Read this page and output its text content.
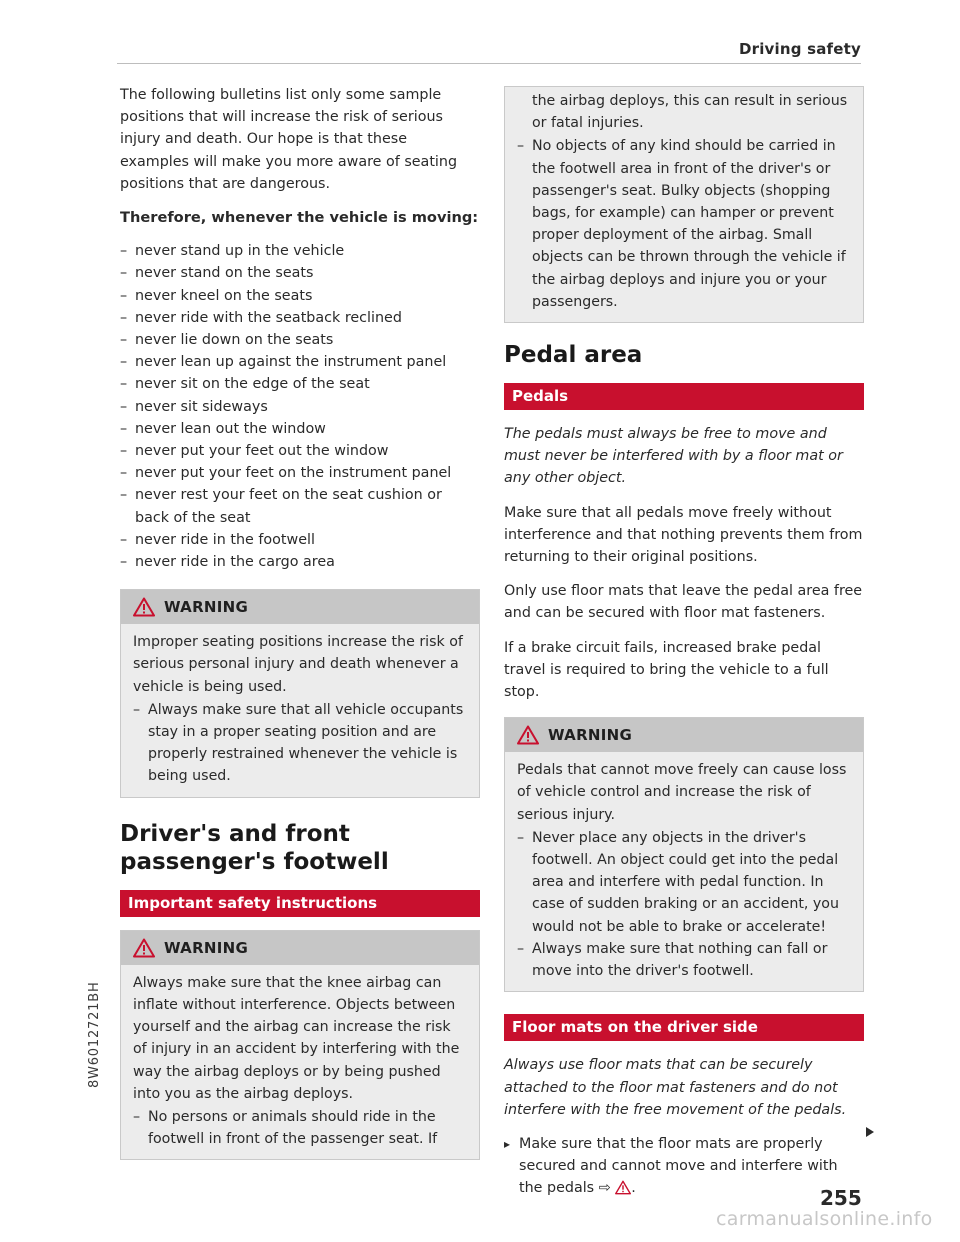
Driving safety

The following bulletins list only some sample positions that will increase the risk of serious injury and death. Our hope is that these examples will make you more aware of seating positions that are dangerous.

Therefore, whenever the vehicle is moving:
– never stand up in the vehicle
– never stand on the seats
– never kneel on the seats
– never ride with the seatback reclined
– never lie down on the seats
– never lean up against the instrument panel
– never sit on the edge of the seat
– never sit sideways
– never lean out the window
– never put your feet out the window
– never put your feet on the instrument panel
– never rest your feet on the seat cushion or back of the seat
– never ride in the footwell
– never ride in the cargo area
WARNING

Improper seating positions increase the risk of serious personal injury and death whenever a vehicle is being used.

– Always make sure that all vehicle occupants stay in a proper seating position and are properly restrained whenever the vehicle is being used.
Driver's and front passenger's footwell
Important safety instructions
WARNING

Always make sure that the knee airbag can inflate without interference. Objects between yourself and the airbag can increase the risk of injury in an accident by interfering with the way the airbag deploys or by being pushed into you as the airbag deploys.

– No persons or animals should ride in the footwell in front of the passenger seat. If

the airbag deploys, this can result in serious or fatal injuries.

– No objects of any kind should be carried in the footwell area in front of the driver's or passenger's seat. Bulky objects (shopping bags, for example) can hamper or prevent proper deployment of the airbag. Small objects can be thrown through the vehicle if the airbag deploys and injure you or your passengers.
Pedal area
Pedals

The pedals must always be free to move and must never be interfered with by a floor mat or any other object.

Make sure that all pedals move freely without interference and that nothing prevents them from returning to their original positions.

Only use floor mats that leave the pedal area free and can be secured with floor mat fasteners.

If a brake circuit fails, increased brake pedal travel is required to bring the vehicle to a full stop.

WARNING

Pedals that cannot move freely can cause loss of vehicle control and increase the risk of serious injury.

– Never place any objects in the driver's footwell. An object could get into the pedal area and interfere with pedal function. In case of sudden braking or an accident, you would not be able to brake or accelerate!
– Always make sure that nothing can fall or move into the driver's footwell.
Floor mats on the driver side

Always use floor mats that can be securely attached to the floor mat fasteners and do not interfere with the free movement of the pedals.

▸ Make sure that the floor mats are properly secured and cannot move and interfere with the pedals ⇨ .
8W6012721BH
255
carmanualsonline.info
